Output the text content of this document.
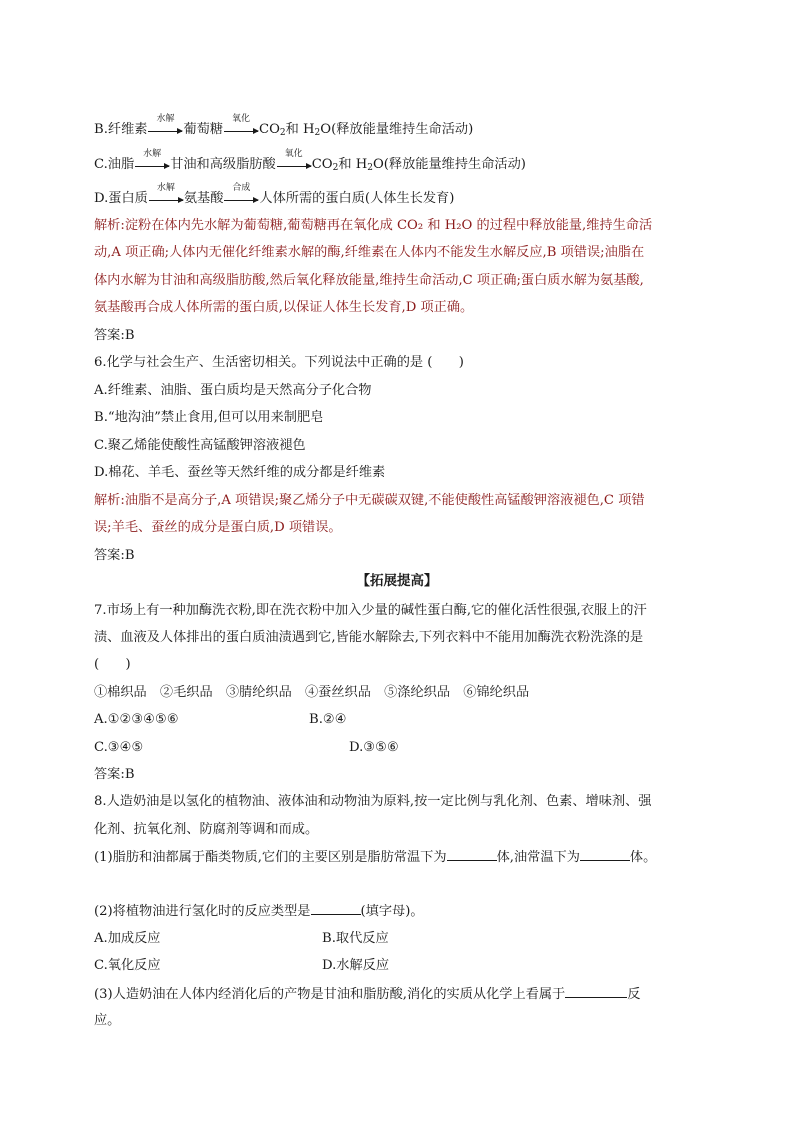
B.纤维素
水解
葡萄糖
氧化
$CO_2$和 $H_2O$(释放能量维持生命活动)
C.油脂
水解
甘油和高级脂肪酸
氧化
$CO_2$和 $H_2O$(释放能量维持生命活动)
D.蛋白质
水解
氨基酸
合成
人体所需的蛋白质(人体生长发育)
解析:淀粉在体内先水解为葡萄糖,葡萄糖再在氧化成 CO₂ 和 H₂O 的过程中释放能量,维持生命活
动,A 项正确;人体内无催化纤维素水解的酶,纤维素在人体内不能发生水解反应,B 项错误;油脂在
体内水解为甘油和高级脂肪酸,然后氧化释放能量,维持生命活动,C 项正确;蛋白质水解为氨基酸,
氨基酸再合成人体所需的蛋白质,以保证人体生长发育,D 项正确。
答案:B
6.化学与社会生产、生活密切相关。下列说法中正确的是 (　　)
A.纤维素、油脂、蛋白质均是天然高分子化合物
B.“地沟油”禁止食用,但可以用来制肥皂
C.聚乙烯能使酸性高锰酸钾溶液褪色
D.棉花、羊毛、蚕丝等天然纤维的成分都是纤维素
解析:油脂不是高分子,A 项错误;聚乙烯分子中无碳碳双键,不能使酸性高锰酸钾溶液褪色,C 项错
误;羊毛、蚕丝的成分是蛋白质,D 项错误。
答案:B
【拓展提高】
7.市场上有一种加酶洗衣粉,即在洗衣粉中加入少量的碱性蛋白酶,它的催化活性很强,衣服上的汗
渍、血液及人体排出的蛋白质油渍遇到它,皆能水解除去,下列衣料中不能用加酶洗衣粉洗涤的是
(　　)
①棉织品　②毛织品　③腈纶织品　④蚕丝织品　⑤涤纶织品　⑥锦纶织品
A.①②③④⑤⑥	B.②④
C.③④⑤	D.③⑤⑥
答案:B
8.人造奶油是以氢化的植物油、液体油和动物油为原料,按一定比例与乳化剂、色素、增味剂、强
化剂、抗氧化剂、防腐剂等调和而成。
(1)脂肪和油都属于酯类物质,它们的主要区别是脂肪常温下为	体,油常温下为	体。
(2)将植物油进行氢化时的反应类型是	(填字母)。
A.加成反应	B.取代反应
C.氧化反应	D.水解反应
(3)人造奶油在人体内经消化后的产物是甘油和脂肪酸,消化的实质从化学上看属于	反
应。
